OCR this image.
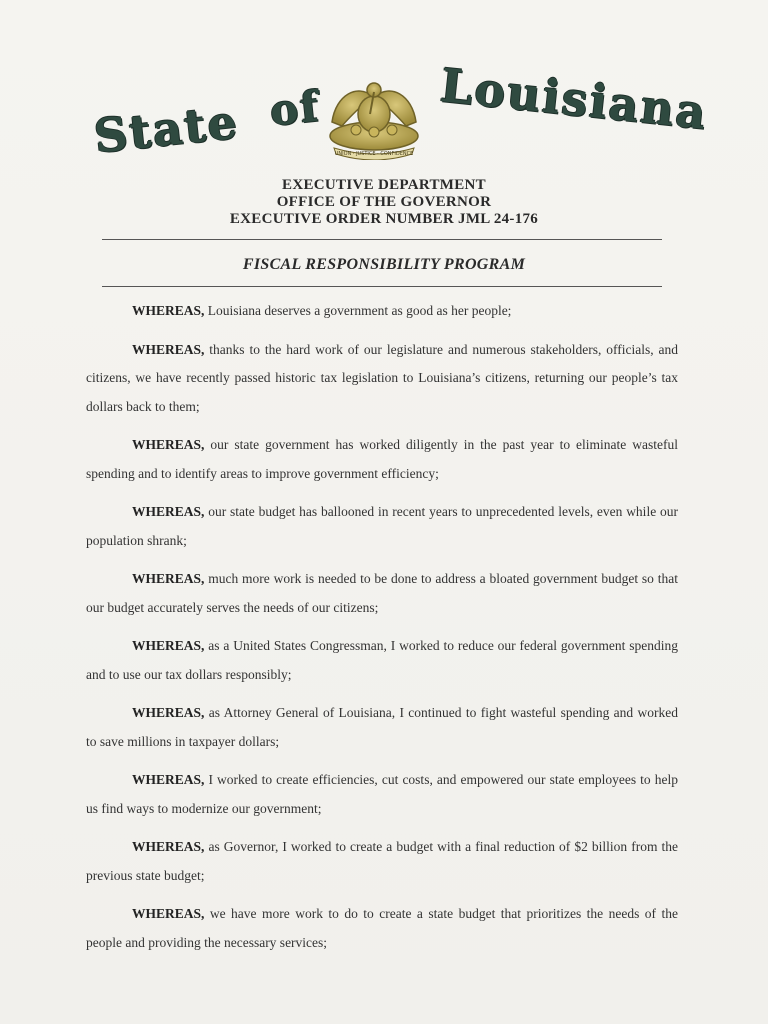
State of	Louisiana
UNION · JUSTICE · CONFIDENCE
EXECUTIVE DEPARTMENT
OFFICE OF THE GOVERNOR
EXECUTIVE ORDER NUMBER JML 24-176
FISCAL RESPONSIBILITY PROGRAM

WHEREAS, Louisiana deserves a government as good as her people;

WHEREAS, thanks to the hard work of our legislature and numerous stakeholders, officials, and citizens, we have recently passed historic tax legislation to Louisiana’s citizens, returning our people’s tax dollars back to them;

WHEREAS, our state government has worked diligently in the past year to eliminate wasteful spending and to identify areas to improve government efficiency;

WHEREAS, our state budget has ballooned in recent years to unprecedented levels, even while our population shrank;

WHEREAS, much more work is needed to be done to address a bloated government budget so that our budget accurately serves the needs of our citizens;

WHEREAS, as a United States Congressman, I worked to reduce our federal government spending and to use our tax dollars responsibly;

WHEREAS, as Attorney General of Louisiana, I continued to fight wasteful spending and worked to save millions in taxpayer dollars;

WHEREAS, I worked to create efficiencies, cut costs, and empowered our state employees to help us find ways to modernize our government;

WHEREAS, as Governor, I worked to create a budget with a final reduction of $2 billion from the previous state budget;

WHEREAS, we have more work to do to create a state budget that prioritizes the needs of the people and providing the necessary services;
